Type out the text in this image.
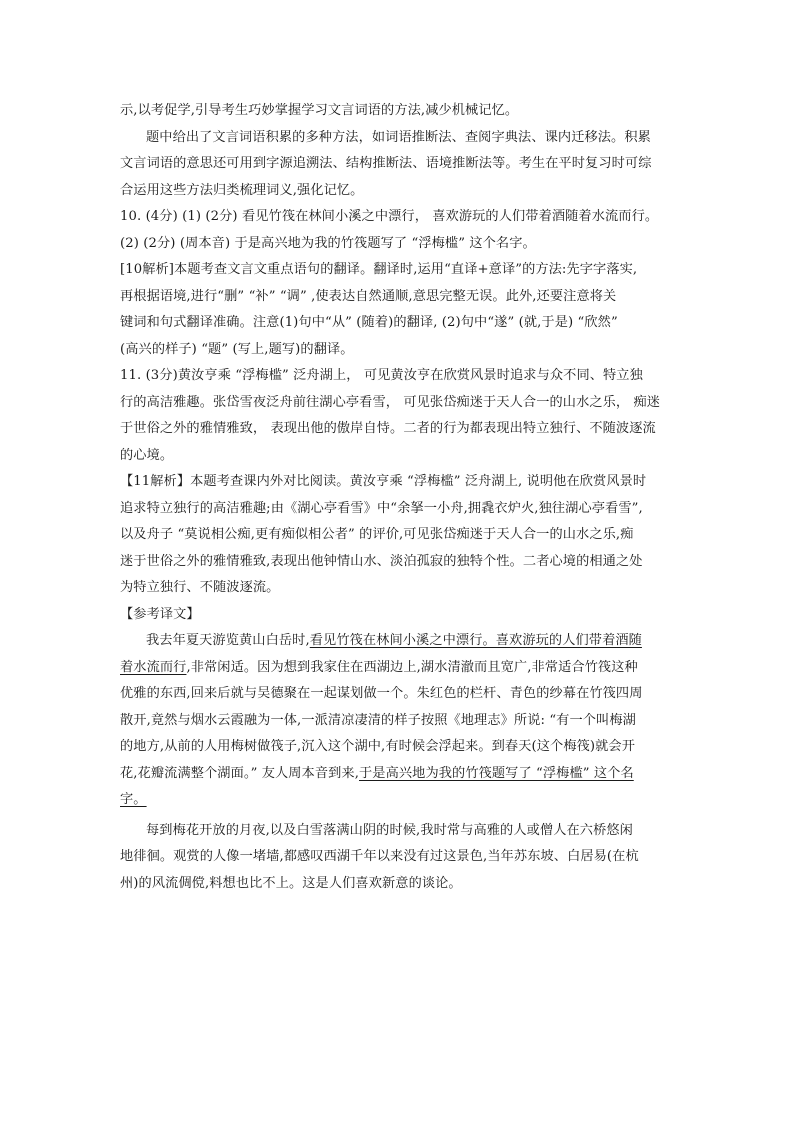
示,以考促学,引导考生巧妙掌握学习文言词语的方法,减少机械记忆。
题中给出了文言词语积累的多种方法，如词语推断法、查阅字典法、课内迁移法。积累
文言词语的意思还可用到字源追溯法、结构推断法、语境推断法等。考生在平时复习时可综
合运用这些方法归类梳理词义,强化记忆。
10. (4分) (1) (2分) 看见竹筏在林间小溪之中漂行， 喜欢游玩的人们带着酒随着水流而行。
(2) (2分) (周本音) 于是高兴地为我的竹筏题写了 “浮梅槛” 这个名字。
[10解析]本题考查文言文重点语句的翻译。翻译时,运用“直译+意译”的方法:先字字落实,
再根据语境,进行“删” “补” “调” ,使表达自然通顺,意思完整无误。此外,还要注意将关
键词和句式翻译准确。注意(1)句中“从” (随着)的翻译, (2)句中“遂” (就,于是) “欣然”
(高兴的样子) “题” (写上,题写)的翻译。
11. (3分)黄汝亨乘 “浮梅槛” 泛舟湖上， 可见黄汝亨在欣赏风景时追求与众不同、特立独
行的高洁雅趣。张岱雪夜泛舟前往湖心亭看雪， 可见张岱痴迷于天人合一的山水之乐， 痴迷
于世俗之外的雅情雅致， 表现出他的傲岸自恃。二者的行为都表现出特立独行、不随波逐流
的心境。
【11解析】本题考查课内外对比阅读。黄汝亨乘 “浮梅槛” 泛舟湖上, 说明他在欣赏风景时
追求特立独行的高洁雅趣;由《湖心亭看雪》中“余拏一小舟,拥毳衣炉火,独往湖心亭看雪”,
以及舟子 “莫说相公痴,更有痴似相公者” 的评价,可见张岱痴迷于天人合一的山水之乐,痴
迷于世俗之外的雅情雅致,表现出他钟情山水、淡泊孤寂的独特个性。二者心境的相通之处
为特立独行、不随波逐流。
【参考译文】
我去年夏天游览黄山白岳时,看见竹筏在林间小溪之中漂行。喜欢游玩的人们带着酒随
着水流而行,非常闲适。因为想到我家住在西湖边上,湖水清澈而且宽广,非常适合竹筏这种
优雅的东西,回来后就与吴德聚在一起谋划做一个。朱红色的栏杆、青色的纱幕在竹筏四周
散开,竟然与烟水云霞融为一体,一派清凉凄清的样子按照《地理志》所说: “有一个叫梅湖
的地方,从前的人用梅树做筏子,沉入这个湖中,有时候会浮起来。到春天(这个梅筏)就会开
花,花瓣流满整个湖面。” 友人周本音到来,于是高兴地为我的竹筏题写了 “浮梅槛” 这个名
字。
每到梅花开放的月夜,以及白雪落满山阴的时候,我时常与高雅的人或僧人在六桥悠闲
地徘徊。观赏的人像一堵墙,都感叹西湖千年以来没有过这景色,当年苏东坡、白居易(在杭
州)的风流倜傥,料想也比不上。这是人们喜欢新意的谈论。
